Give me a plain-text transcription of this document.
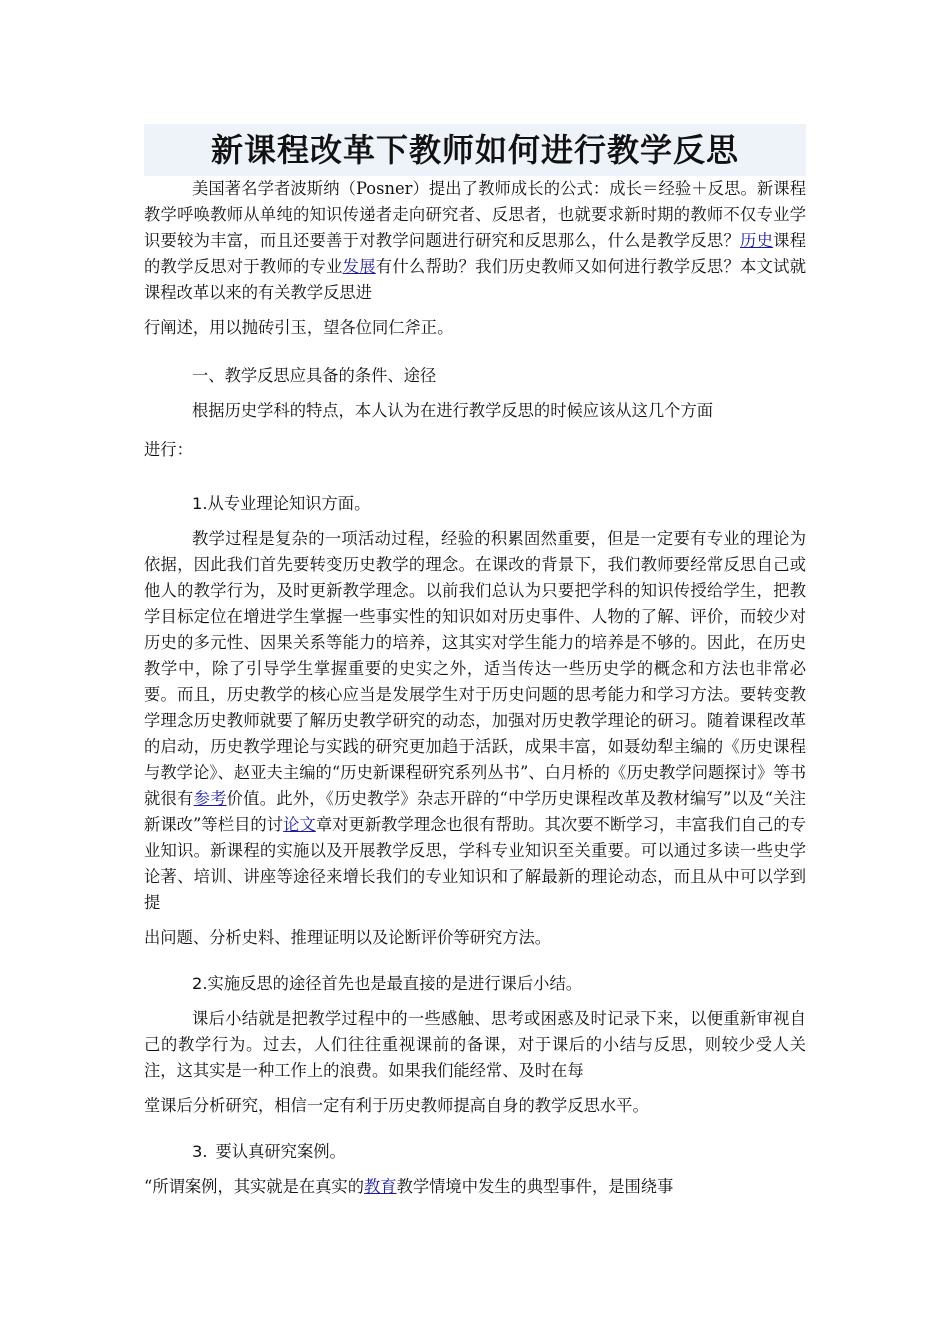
新课程改革下教师如何进行教学反思

美国著名学者波斯纳（Posner）提出了教师成长的公式：成长＝经验＋反思。新课程教学呼唤教师从单纯的知识传递者走向研究者、反思者，也就要求新时期的教师不仅专业学识要较为丰富，而且还要善于对教学问题进行研究和反思那么，什么是教学反思？历史课程的教学反思对于教师的专业发展有什么帮助？我们历史教师又如何进行教学反思？本文试就课程改革以来的有关教学反思进

行阐述，用以抛砖引玉，望各位同仁斧正。

一、教学反思应具备的条件、途径

根据历史学科的特点，本人认为在进行教学反思的时候应该从这几个方面

进行：

1.从专业理论知识方面。

教学过程是复杂的一项活动过程，经验的积累固然重要，但是一定要有专业的理论为依据，因此我们首先要转变历史教学的理念。在课改的背景下，我们教师要经常反思自己或他人的教学行为，及时更新教学理念。以前我们总认为只要把学科的知识传授给学生，把教学目标定位在增进学生掌握一些事实性的知识如对历史事件、人物的了解、评价，而较少对历史的多元性、因果关系等能力的培养，这其实对学生能力的培养是不够的。因此，在历史教学中，除了引导学生掌握重要的史实之外，适当传达一些历史学的概念和方法也非常必要。而且，历史教学的核心应当是发展学生对于历史问题的思考能力和学习方法。要转变教学理念历史教师就要了解历史教学研究的动态，加强对历史教学理论的研习。随着课程改革的启动，历史教学理论与实践的研究更加趋于活跃，成果丰富，如聂幼犁主编的《历史课程与教学论》、赵亚夫主编的“历史新课程研究系列丛书”、白月桥的《历史教学问题探讨》等书就很有参考价值。此外，《历史教学》杂志开辟的“中学历史课程改革及教材编写”以及“关注新课改”等栏目的讨论文章对更新教学理念也很有帮助。其次要不断学习，丰富我们自己的专业知识。新课程的实施以及开展教学反思，学科专业知识至关重要。可以通过多读一些史学论著、培训、讲座等途径来增长我们的专业知识和了解最新的理论动态，而且从中可以学到提

出问题、分析史料、推理证明以及论断评价等研究方法。

2.实施反思的途径首先也是最直接的是进行课后小结。

课后小结就是把教学过程中的一些感触、思考或困惑及时记录下来，以便重新审视自己的教学行为。过去，人们往往重视课前的备课，对于课后的小结与反思，则较少受人关注，这其实是一种工作上的浪费。如果我们能经常、及时在每

堂课后分析研究，相信一定有利于历史教师提高自身的教学反思水平。

3. 要认真研究案例。

“所谓案例，其实就是在真实的教育教学情境中发生的典型事件，是围绕事
